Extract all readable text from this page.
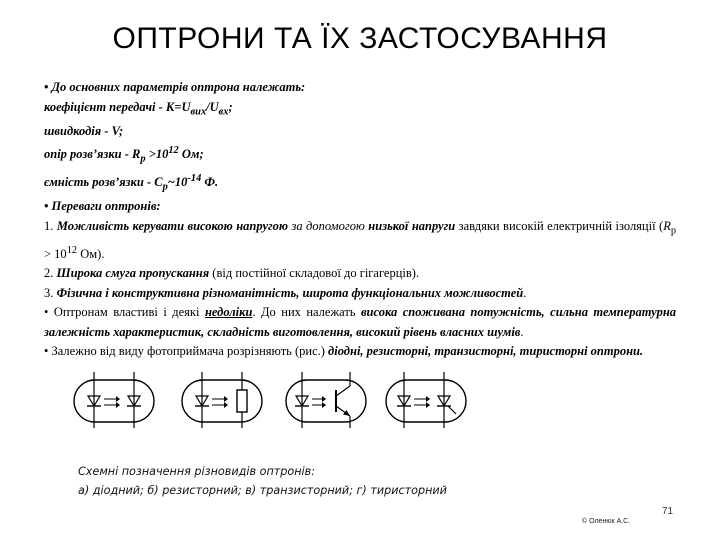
ОПТРОНИ ТА ЇХ ЗАСТОСУВАННЯ

• До основних параметрів оптрона належать:

коефіцієнт передачі - $К=U_{вих}/U_{вх}$;

швидкодія - V;

опір розв’язки - $R_p >10^{12}$ Ом;

ємність розв’язки - $C_p\sim 10^{-14}$ Ф.

• Переваги оптронів:

1. Можливість керувати високою напругою за допомогою низької напруги завдяки високій електричній ізоляції ($R_p > 10^{12}$ Ом).

2. Широка смуга пропускання (від постійної складової до гігагерців).

3. Фізична і конструктивна різноманітність, широта функціональних можливостей.

• Оптронам властиві і деякі недоліки. До них належать висока споживана потужність, сильна температурна залежність характеристик, складність виготовлення, високий рівень власних шумів.

• Залежно від виду фотоприймача розрізняють (рис.) діодні, резисторні, транзисторні, тиристорні оптрони.

Схемні позначення різновидів оптронів:
а) діодний; б) резисторний; в) транзисторний; г) тиристорний
71
© Оленюк А.С.
